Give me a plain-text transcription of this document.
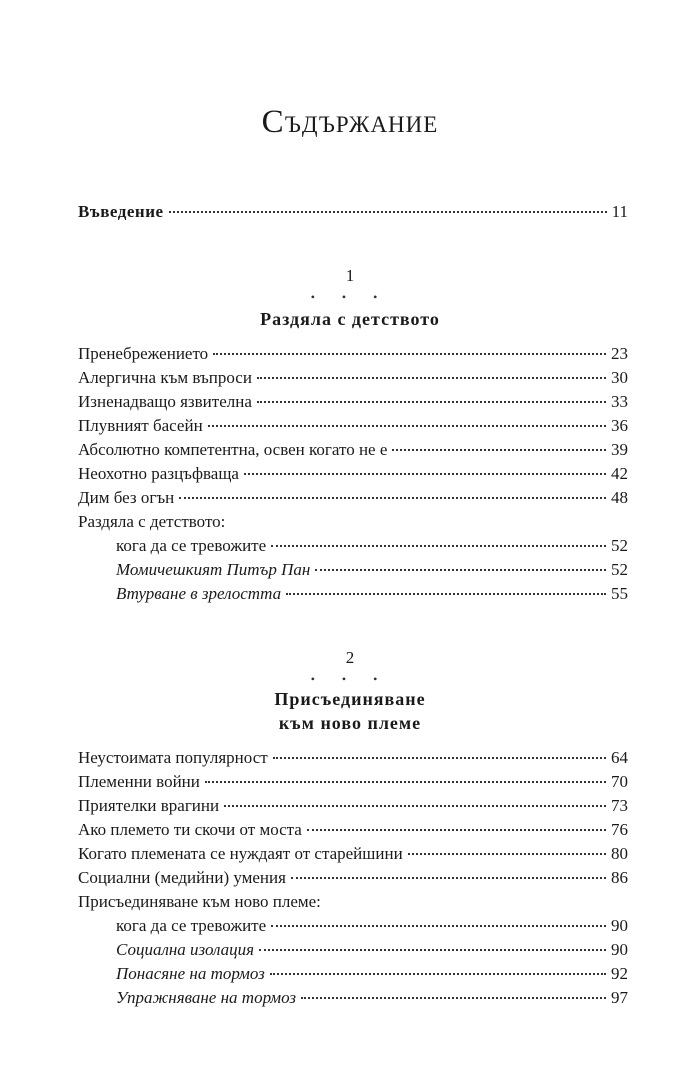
Съдържание
Въведение	11
1
• • •
Раздяла с детството
Пренебрежението	23
Алергична към въпроси	30
Изненадващо язвителна	33
Плувният басейн	36
Абсолютно компетентна, освен когато не е	39
Неохотно разцъфваща	42
Дим без огън	48
Раздяла с детството:
кога да се тревожите	52
Момичешкият Питър Пан	52
Втурване в зрелостта	55
2
• • •
Присъединяване
към ново племе
Неустоимата популярност	64
Племенни войни	70
Приятелки врагини	73
Ако племето ти скочи от моста	76
Когато племената се нуждаят от старейшини	80
Социални (медийни) умения	86
Присъединяване към ново племе:
кога да се тревожите	90
Социална изолация	90
Понасяне на тормоз	92
Упражняване на тормоз	97
